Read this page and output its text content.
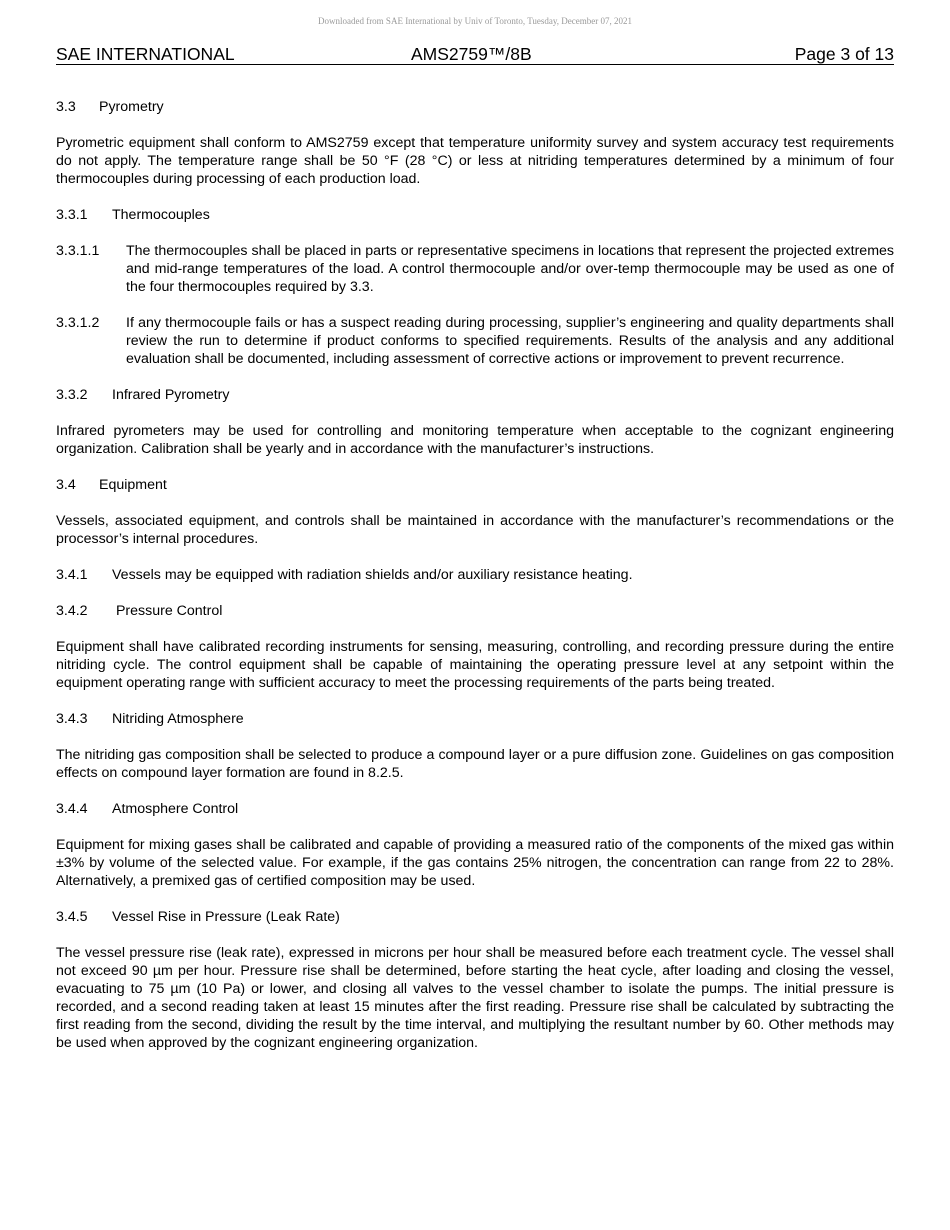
Downloaded from SAE International by Univ of Toronto, Tuesday, December 07, 2021
SAE INTERNATIONAL	AMS2759™/8B	Page 3 of 13
3.3 Pyrometry

Pyrometric equipment shall conform to AMS2759 except that temperature uniformity survey and system accuracy test requirements do not apply. The temperature range shall be 50 °F (28 °C) or less at nitriding temperatures determined by a minimum of four thermocouples during processing of each production load.

3.3.1 Thermocouples
3.3.1.1	The thermocouples shall be placed in parts or representative specimens in locations that represent the projected extremes and mid-range temperatures of the load. A control thermocouple and/or over-temp thermocouple may be used as one of the four thermocouples required by 3.3.
3.3.1.2	If any thermocouple fails or has a suspect reading during processing, supplier’s engineering and quality departments shall review the run to determine if product conforms to specified requirements. Results of the analysis and any additional evaluation shall be documented, including assessment of corrective actions or improvement to prevent recurrence.
3.3.2 Infrared Pyrometry

Infrared pyrometers may be used for controlling and monitoring temperature when acceptable to the cognizant engineering organization. Calibration shall be yearly and in accordance with the manufacturer’s instructions.

3.4 Equipment

Vessels, associated equipment, and controls shall be maintained in accordance with the manufacturer’s recommendations or the processor’s internal procedures.

3.4.1 Vessels may be equipped with radiation shields and/or auxiliary resistance heating.
3.4.2 Pressure Control

Equipment shall have calibrated recording instruments for sensing, measuring, controlling, and recording pressure during the entire nitriding cycle. The control equipment shall be capable of maintaining the operating pressure level at any setpoint within the equipment operating range with sufficient accuracy to meet the processing requirements of the parts being treated.

3.4.3 Nitriding Atmosphere

The nitriding gas composition shall be selected to produce a compound layer or a pure diffusion zone. Guidelines on gas composition effects on compound layer formation are found in 8.2.5.

3.4.4 Atmosphere Control

Equipment for mixing gases shall be calibrated and capable of providing a measured ratio of the components of the mixed gas within ±3% by volume of the selected value. For example, if the gas contains 25% nitrogen, the concentration can range from 22 to 28%. Alternatively, a premixed gas of certified composition may be used.

3.4.5 Vessel Rise in Pressure (Leak Rate)

The vessel pressure rise (leak rate), expressed in microns per hour shall be measured before each treatment cycle. The vessel shall not exceed 90 µm per hour. Pressure rise shall be determined, before starting the heat cycle, after loading and closing the vessel, evacuating to 75 µm (10 Pa) or lower, and closing all valves to the vessel chamber to isolate the pumps. The initial pressure is recorded, and a second reading taken at least 15 minutes after the first reading. Pressure rise shall be calculated by subtracting the first reading from the second, dividing the result by the time interval, and multiplying the resultant number by 60. Other methods may be used when approved by the cognizant engineering organization.
